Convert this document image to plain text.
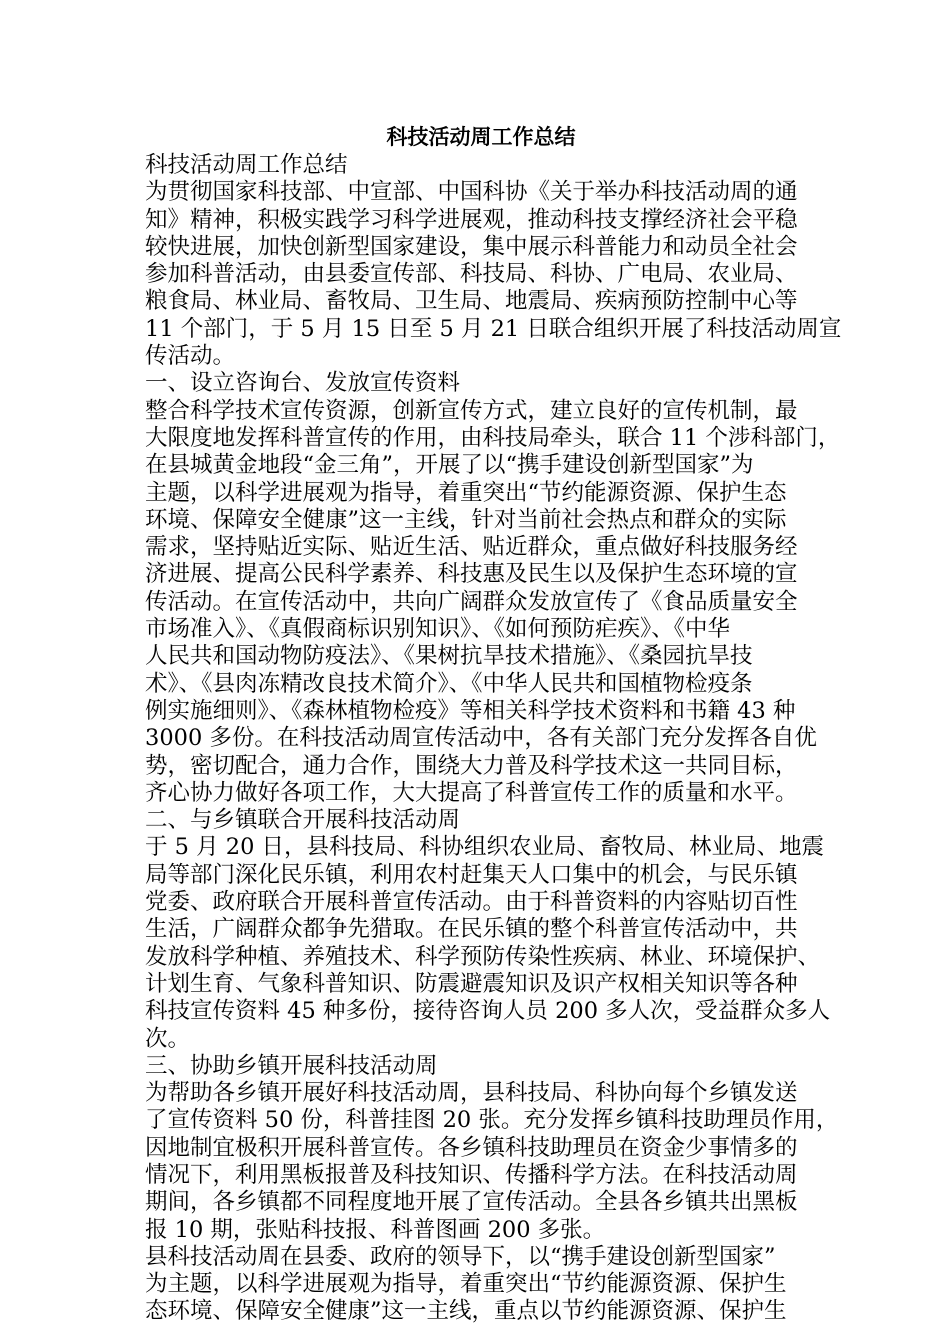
科技活动周工作总结

科技活动周工作总结

为贯彻国家科技部、中宣部、中国科协《关于举办科技活动周的通

知》精神，积极实践学习科学进展观，推动科技支撑经济社会平稳

较快进展，加快创新型国家建设，集中展示科普能力和动员全社会

参加科普活动，由县委宣传部、科技局、科协、广电局、农业局、

粮食局、林业局、畜牧局、卫生局、地震局、疾病预防控制中心等

11 个部门，于 5 月 15 日至 5 月 21 日联合组织开展了科技活动周宣

传活动。

一、设立咨询台、发放宣传资料

整合科学技术宣传资源，创新宣传方式，建立良好的宣传机制，最

大限度地发挥科普宣传的作用，由科技局牵头，联合 11 个涉科部门，

在县城黄金地段“金三角”，开展了以“携手建设创新型国家”为

主题，以科学进展观为指导，着重突出“节约能源资源、保护生态

环境、保障安全健康”这一主线，针对当前社会热点和群众的实际

需求，坚持贴近实际、贴近生活、贴近群众，重点做好科技服务经

济进展、提高公民科学素养、科技惠及民生以及保护生态环境的宣

传活动。在宣传活动中，共向广阔群众发放宣传了《食品质量安全

市场准入》、《真假商标识别知识》、《如何预防疟疾》、《中华

人民共和国动物防疫法》、《果树抗旱技术措施》、《桑园抗旱技

术》、《县肉冻精改良技术简介》、《中华人民共和国植物检疫条

例实施细则》、《森林植物检疫》等相关科学技术资料和书籍 43 种

3000 多份。在科技活动周宣传活动中，各有关部门充分发挥各自优

势，密切配合，通力合作，围绕大力普及科学技术这一共同目标，

齐心协力做好各项工作，大大提高了科普宣传工作的质量和水平。

二、与乡镇联合开展科技活动周

于 5 月 20 日，县科技局、科协组织农业局、畜牧局、林业局、地震

局等部门深化民乐镇，利用农村赶集天人口集中的机会，与民乐镇

党委、政府联合开展科普宣传活动。由于科普资料的内容贴切百性

生活，广阔群众都争先猎取。在民乐镇的整个科普宣传活动中，共

发放科学种植、养殖技术、科学预防传染性疾病、林业、环境保护、

计划生育、气象科普知识、防震避震知识及识产权相关知识等各种

科技宣传资料 45 种多份，接待咨询人员 200 多人次，受益群众多人

次。

三、协助乡镇开展科技活动周

为帮助各乡镇开展好科技活动周，县科技局、科协向每个乡镇发送

了宣传资料 50 份，科普挂图 20 张。充分发挥乡镇科技助理员作用，

因地制宜极积开展科普宣传。各乡镇科技助理员在资金少事情多的

情况下，利用黑板报普及科技知识、传播科学方法。在科技活动周

期间，各乡镇都不同程度地开展了宣传活动。全县各乡镇共出黑板

报 10 期，张贴科技报、科普图画 200 多张。

县科技活动周在县委、政府的领导下，以“携手建设创新型国家”

为主题，以科学进展观为指导，着重突出“节约能源资源、保护生

态环境、保障安全健康”这一主线，重点以节约能源资源、保护生
